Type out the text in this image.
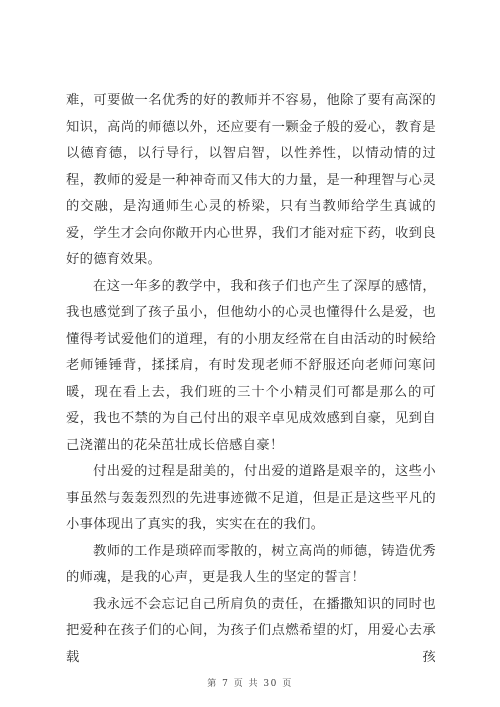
难，可要做一名优秀的好的教师并不容易，他除了要有高深的知识，高尚的师德以外，还应要有一颗金子般的爱心，教育是以德育德，以行导行，以智启智，以性养性，以情动情的过程，教师的爱是一种神奇而又伟大的力量，是一种理智与心灵的交融，是沟通师生心灵的桥梁，只有当教师给学生真诚的爱，学生才会向你敞开内心世界，我们才能对症下药，收到良好的德育效果。

在这一年多的教学中，我和孩子们也产生了深厚的感情，我也感觉到了孩子虽小，但他幼小的心灵也懂得什么是爱，也懂得考试爱他们的道理，有的小朋友经常在自由活动的时候给老师锤锤背，揉揉肩，有时发现老师不舒服还向老师问寒问暖，现在看上去，我们班的三十个小精灵们可都是那么的可爱，我也不禁的为自己付出的艰辛卓见成效感到自豪，见到自己浇灌出的花朵茁壮成长倍感自豪！

付出爱的过程是甜美的，付出爱的道路是艰辛的，这些小事虽然与轰轰烈烈的先进事迹微不足道，但是正是这些平凡的小事体现出了真实的我，实实在在的我们。

教师的工作是琐碎而零散的，树立高尚的师德，铸造优秀的师魂，是我的心声，更是我人生的坚定的誓言！

我永远不会忘记自己所肩负的责任，在播撒知识的同时也把爱种在孩子们的心间，为孩子们点燃希望的灯，用爱心去承载孩

第 7 页 共 30 页
